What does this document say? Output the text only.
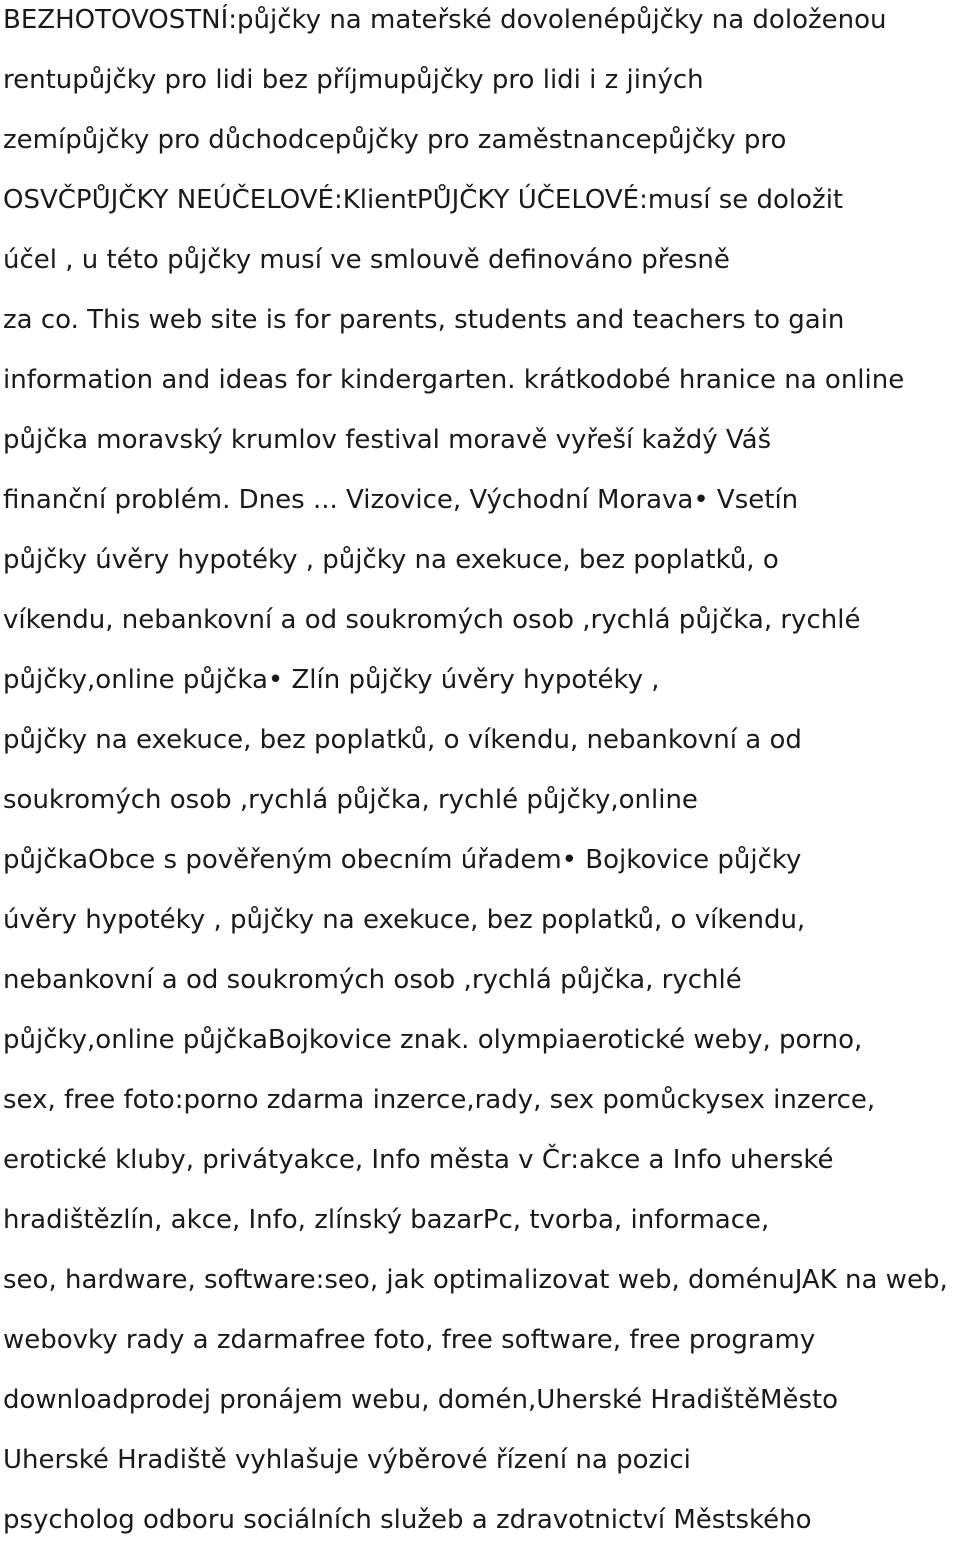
BEZHOTOVOSTNÍ:půjčky na mateřské dovolenépůjčky na doloženou
rentupůjčky pro lidi bez příjmupůjčky pro lidi i z jiných
zemípůjčky pro důchodcepůjčky pro zaměstnancepůjčky pro
OSVČPŮJČKY NEÚČELOVÉ:KlientPŮJČKY ÚČELOVÉ:musí se doložit
účel , u této půjčky musí ve smlouvě definováno přesně
za co. This web site is for parents, students and teachers to gain
information and ideas for kindergarten. krátkodobé hranice na online
půjčka moravský krumlov festival moravě vyřeší každý Váš
finanční problém. Dnes ... Vizovice, Východní Morava• Vsetín
půjčky úvěry hypotéky , půjčky na exekuce, bez poplatků, o
víkendu, nebankovní a od soukromých osob ,rychlá půjčka, rychlé
půjčky,online půjčka• Zlín půjčky úvěry hypotéky ,
půjčky na exekuce, bez poplatků, o víkendu, nebankovní a od
soukromých osob ,rychlá půjčka, rychlé půjčky,online
půjčkaObce s pověřeným obecním úřadem• Bojkovice půjčky
úvěry hypotéky , půjčky na exekuce, bez poplatků, o víkendu,
nebankovní a od soukromých osob ,rychlá půjčka, rychlé
půjčky,online půjčkaBojkovice znak. olympiaerotické weby, porno,
sex, free foto:porno zdarma inzerce,rady, sex pomůckysex inzerce,
erotické kluby, privátyakce, Info města v Čr:akce a Info uherské
hradištězlín, akce, Info, zlínský bazarPc, tvorba, informace,
seo, hardware, software:seo, jak optimalizovat web, doménuJAK na web,
webovky rady a zdarmafree foto, free software, free programy
downloadprodej pronájem webu, domén,Uherské HradištěMěsto
Uherské Hradiště vyhlašuje výběrové řízení na pozici
psycholog odboru sociálních služeb a zdravotnictví Městského
